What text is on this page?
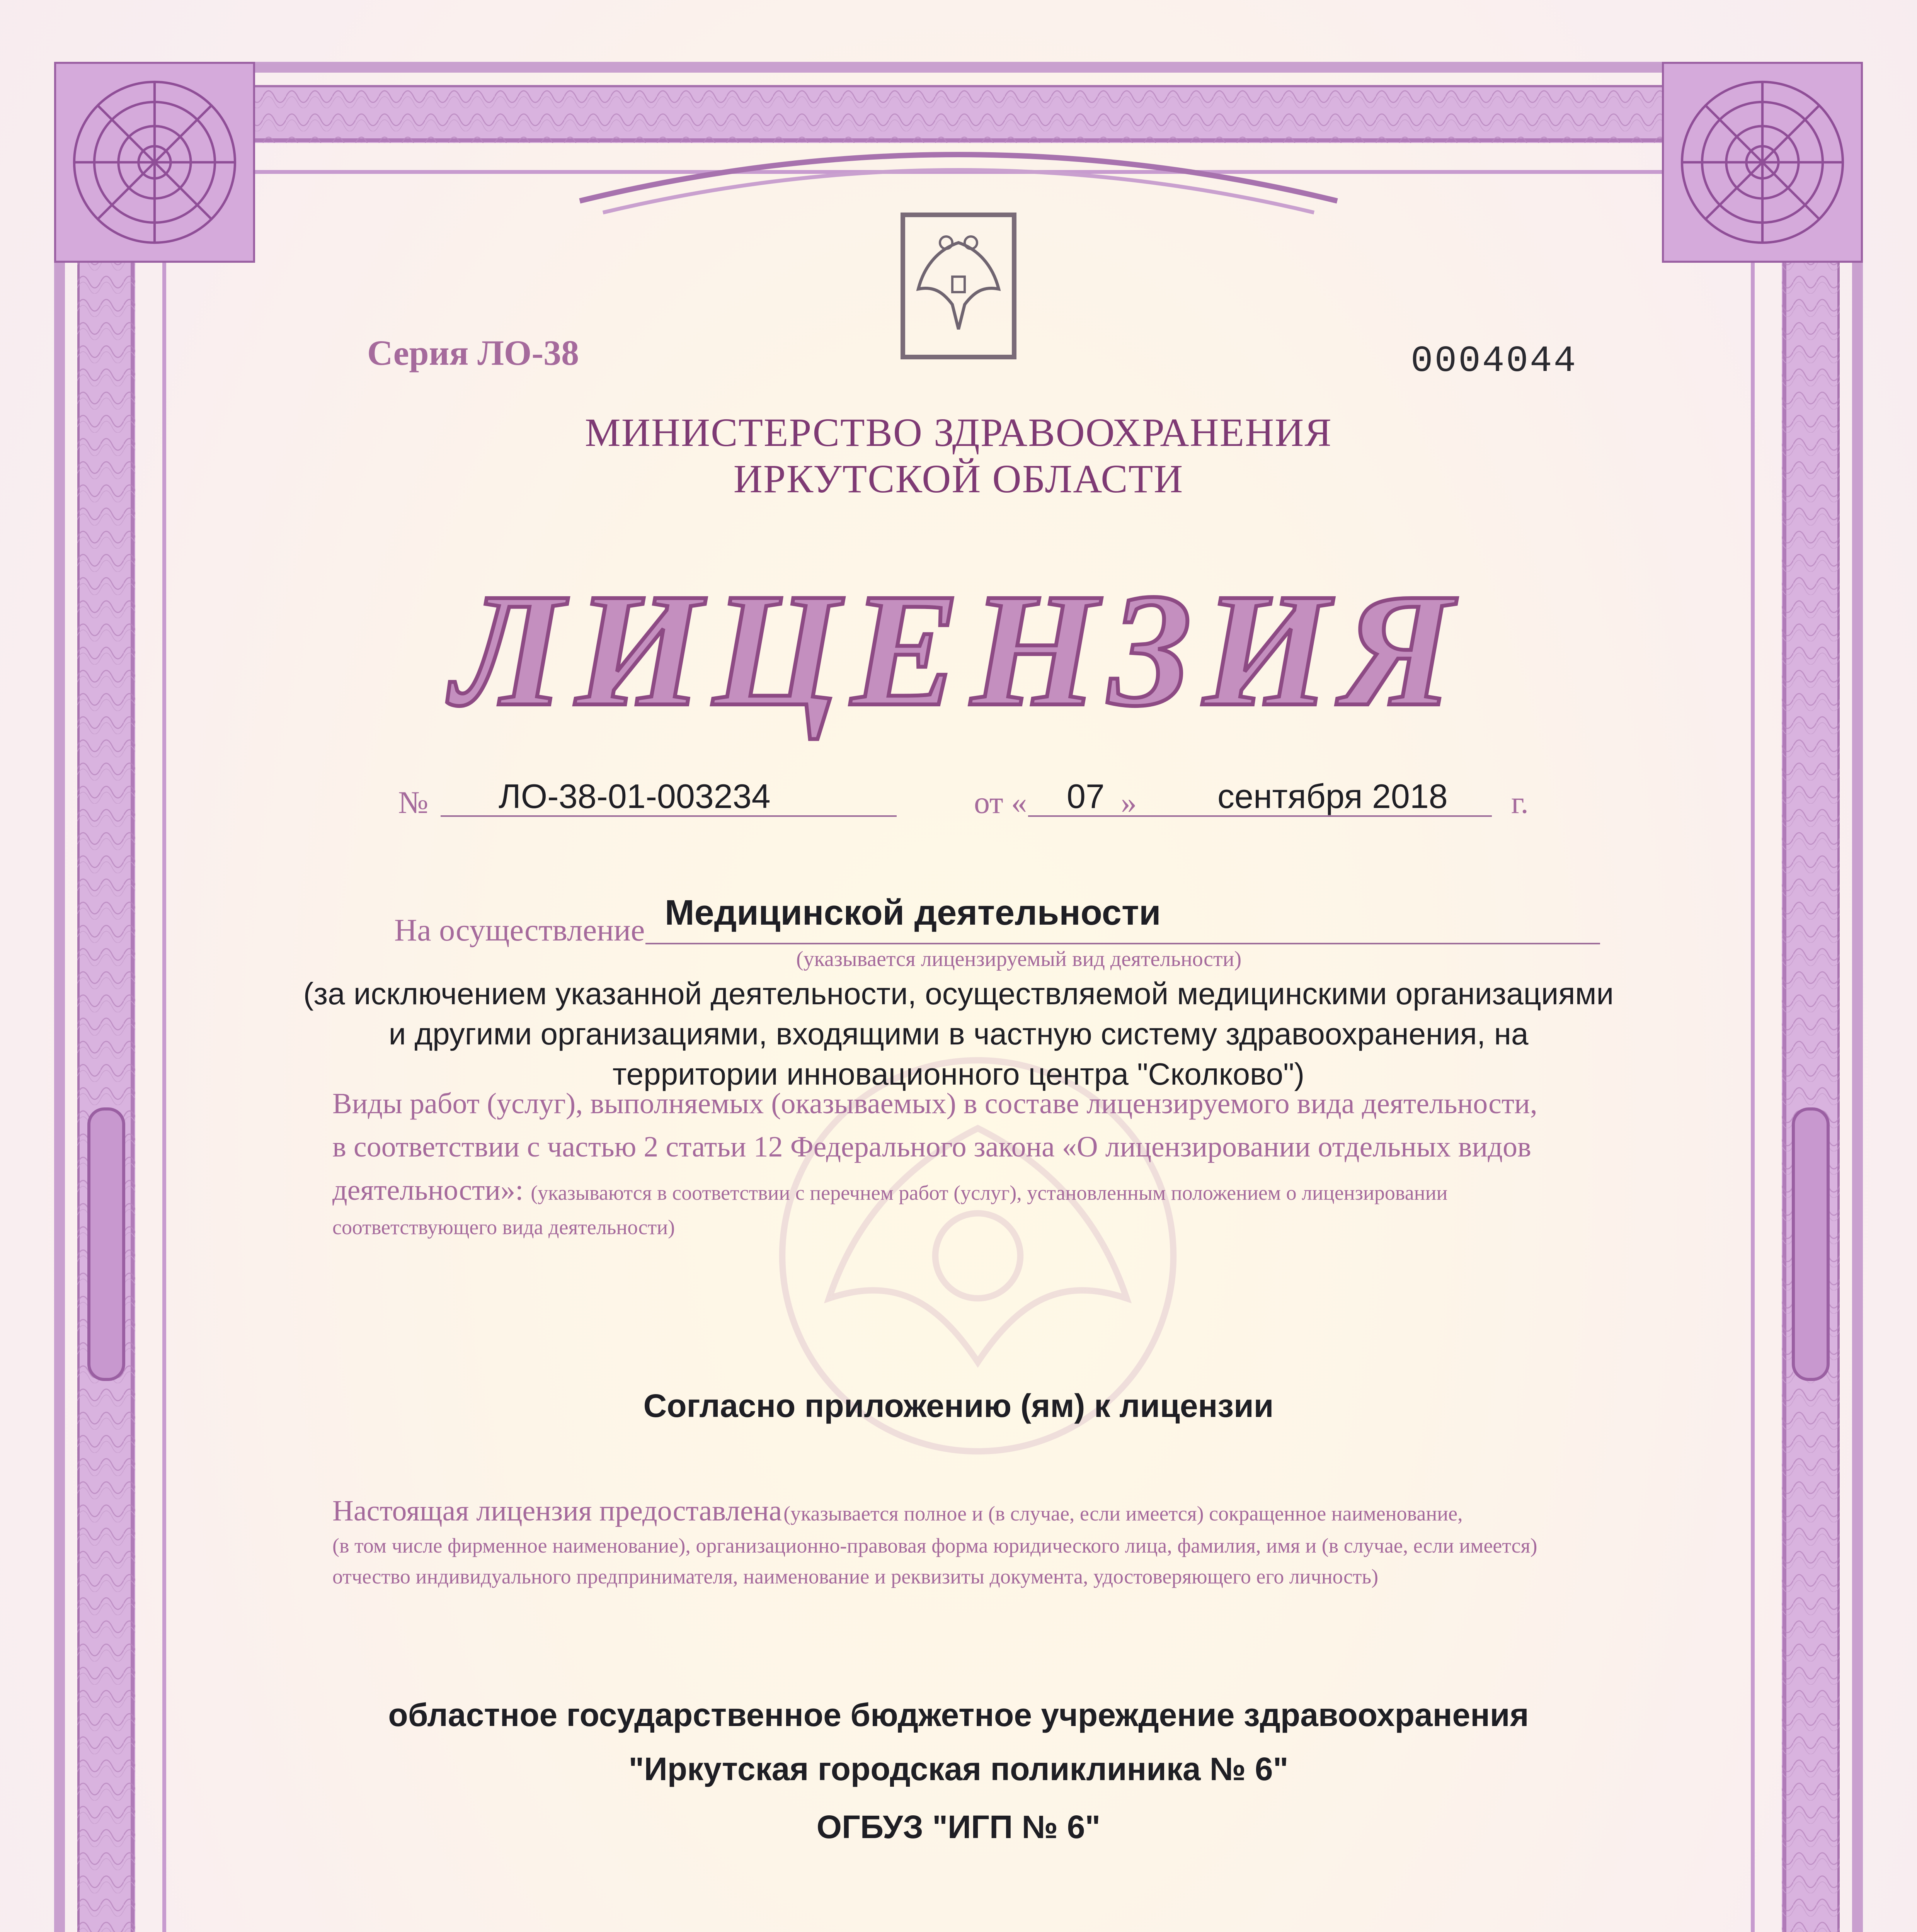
Серия ЛО-38	0004044
МИНИСТЕРСТВО ЗДРАВООХРАНЕНИЯ
ИРКУТСКОЙ ОБЛАСТИ
ЛИЦЕНЗИЯ
№ ЛО-38-01-003234	от « 07 » сентября 2018 г.
На осуществление Медицинской деятельности
(указывается лицензируемый вид деятельности)
(за исключением указанной деятельности, осуществляемой медицинскими организациями
и другими организациями, входящими в частную систему здравоохранения, на
территории инновационного центра "Сколково")
Виды работ (услуг), выполняемых (оказываемых) в составе лицензируемого вида деятельности,
в соответствии с частью 2 статьи 12 Федерального закона «О лицензировании отдельных видов
деятельности»: (указываются в соответствии с перечнем работ (услуг), установленным положением о лицензировании
соответствующего вида деятельности)
Согласно приложению (ям) к лицензии
Настоящая лицензия предоставлена (указывается полное и (в случае, если имеется) сокращенное наименование,
(в том числе фирменное наименование), организационно-правовая форма юридического лица, фамилия, имя и (в случае, если имеется)
отчество индивидуального предпринимателя, наименование и реквизиты документа, удостоверяющего его личность)
областное государственное бюджетное учреждение здравоохранения
"Иркутская городская поликлиника № 6"
ОГБУЗ "ИГП № 6"
